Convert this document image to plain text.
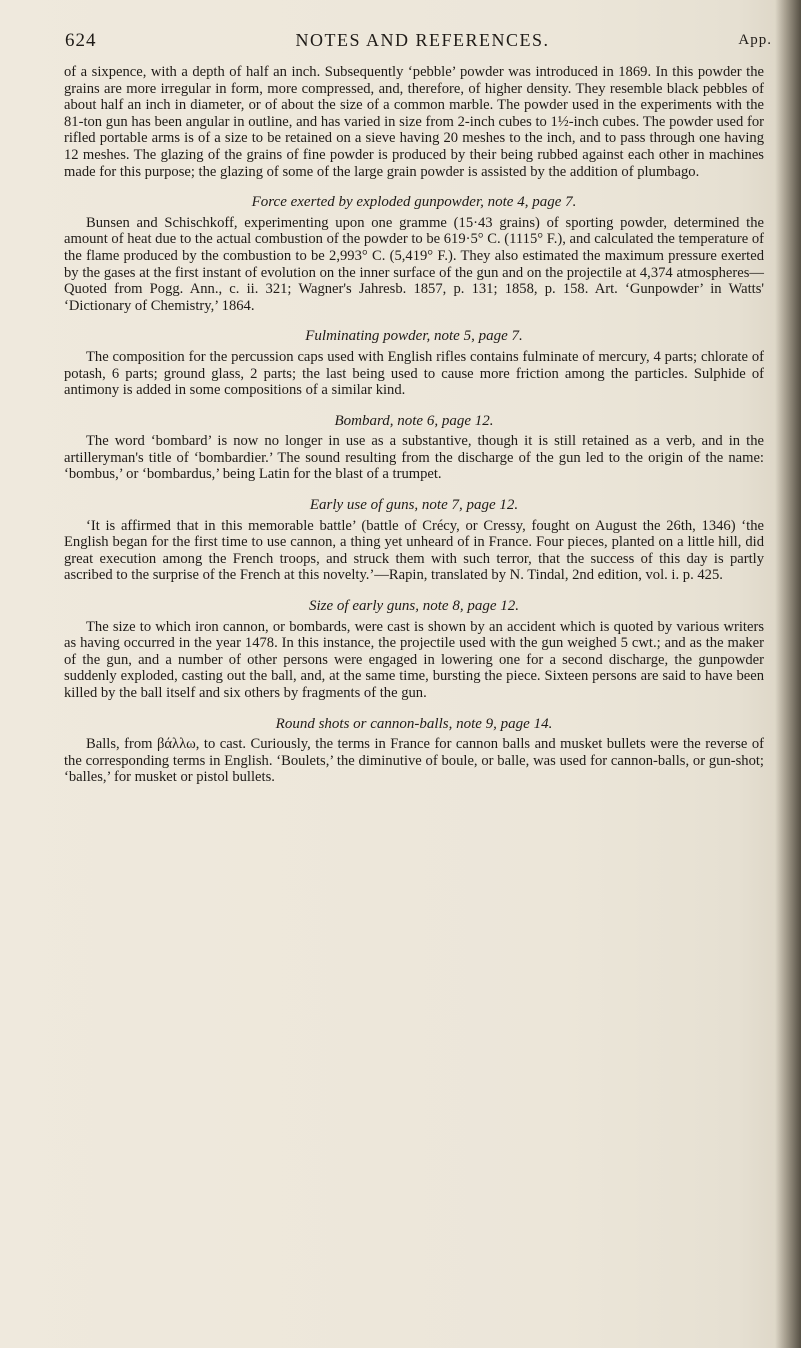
624	NOTES AND REFERENCES.	App.

of a sixpence, with a depth of half an inch. Subsequently ‘pebble’ powder was introduced in 1869. In this powder the grains are more irregular in form, more compressed, and, therefore, of higher density. They resemble black pebbles of about half an inch in diameter, or of about the size of a common marble. The powder used in the experiments with the 81-ton gun has been angular in outline, and has varied in size from 2-inch cubes to 1½-inch cubes. The powder used for rifled portable arms is of a size to be retained on a sieve having 20 meshes to the inch, and to pass through one having 12 meshes. The glazing of the grains of fine powder is produced by their being rubbed against each other in machines made for this purpose; the glazing of some of the large grain powder is assisted by the addition of plumbago.

Force exerted by exploded gunpowder, note 4, page 7.

Bunsen and Schischkoff, experimenting upon one gramme (15·43 grains) of sporting powder, determined the amount of heat due to the actual combustion of the powder to be 619·5° C. (1115° F.), and calculated the temperature of the flame produced by the combustion to be 2,993° C. (5,419° F.). They also estimated the maximum pressure exerted by the gases at the first instant of evolution on the inner surface of the gun and on the projectile at 4,374 atmospheres—Quoted from Pogg. Ann., c. ii. 321; Wagner's Jahresb. 1857, p. 131; 1858, p. 158. Art. ‘Gunpowder’ in Watts' ‘Dictionary of Chemistry,’ 1864.

Fulminating powder, note 5, page 7.

The composition for the percussion caps used with English rifles contains fulminate of mercury, 4 parts; chlorate of potash, 6 parts; ground glass, 2 parts; the last being used to cause more friction among the particles. Sulphide of antimony is added in some compositions of a similar kind.

Bombard, note 6, page 12.

The word ‘bombard’ is now no longer in use as a substantive, though it is still retained as a verb, and in the artilleryman's title of ‘bombardier.’ The sound resulting from the discharge of the gun led to the origin of the name: ‘bombus,’ or ‘bombardus,’ being Latin for the blast of a trumpet.

Early use of guns, note 7, page 12.

‘It is affirmed that in this memorable battle’ (battle of Crécy, or Cressy, fought on August the 26th, 1346) ‘the English began for the first time to use cannon, a thing yet unheard of in France. Four pieces, planted on a little hill, did great execution among the French troops, and struck them with such terror, that the success of this day is partly ascribed to the surprise of the French at this novelty.’—Rapin, translated by N. Tindal, 2nd edition, vol. i. p. 425.

Size of early guns, note 8, page 12.

The size to which iron cannon, or bombards, were cast is shown by an accident which is quoted by various writers as having occurred in the year 1478. In this instance, the projectile used with the gun weighed 5 cwt.; and as the maker of the gun, and a number of other persons were engaged in lowering one for a second discharge, the gunpowder suddenly exploded, casting out the ball, and, at the same time, bursting the piece. Sixteen persons are said to have been killed by the ball itself and six others by fragments of the gun.

Round shots or cannon-balls, note 9, page 14.

Balls, from βάλλω, to cast. Curiously, the terms in France for cannon balls and musket bullets were the reverse of the corresponding terms in English. ‘Boulets,’ the diminutive of boule, or balle, was used for cannon-balls, or gun-shot; ‘balles,’ for musket or pistol bullets.
